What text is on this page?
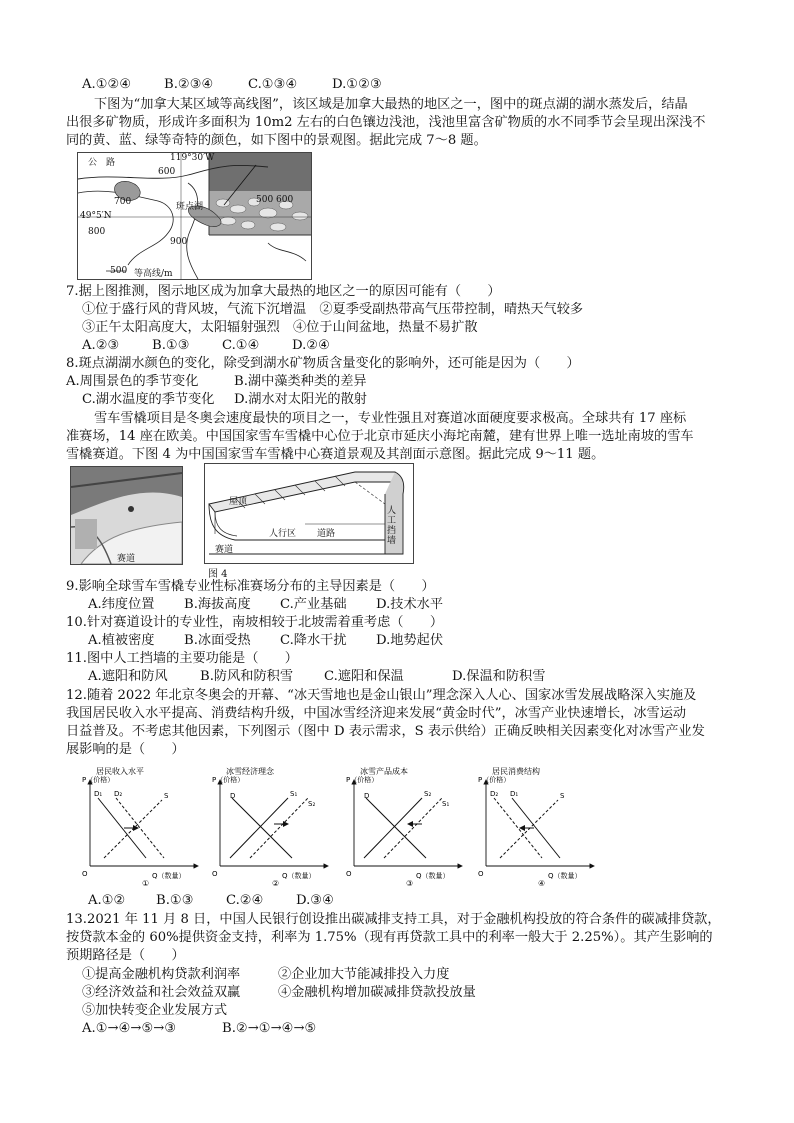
A.①②④ B.②③④	C.①③④	D.①②③
下图为“加拿大某区域等高线图”，该区域是加拿大最热的地区之一，图中的斑点湖的湖水蒸发后，结晶
出很多矿物质，形成许多面积为 10m2 左右的白色镶边浅池，浅池里富含矿物质的水不同季节会呈现出深浅不
同的黄、蓝、绿等奇特的颜色，如下图中的景观图。据此完成 7～8 题。
公　路	119°30′W
600
49°5′N
700	斑点湖
800
900
500 600
500 等高线/m
7.据上图推测，图示地区成为加拿大最热的地区之一的原因可能有（　　）
①位于盛行风的背风坡，气流下沉增温　②夏季受副热带高气压带控制，晴热天气较多
③正午太阳高度大，太阳辐射强烈　④位于山间盆地，热量不易扩散
A.②③ B.①③ C.①④ D.②④
8.斑点湖湖水颜色的变化，除受到湖水矿物质含量变化的影响外，还可能是因为（　　）
A.周围景色的季节变化	B.湖中藻类种类的差异
C.湖水温度的季节变化 D.湖水对太阳光的散射
雪车雪橇项目是冬奥会速度最快的项目之一，专业性强且对赛道冰面硬度要求极高。全球共有 17 座标
准赛场，14 座在欧美。中国国家雪车雪橇中心位于北京市延庆小海坨南麓，建有世界上唯一选址南坡的雪车
雪橇赛道。下图 4 为中国国家雪车雪橇中心赛道景观及其剖面示意图。据此完成 9～11 题。
赛道
屋顶
人工挡墙
人行区 道路
赛道
图 4
9.影响全球雪车雪橇专业性标准赛场分布的主导因素是（　　）
A.纬度位置 B.海拔高度 C.产业基础 D.技术水平
10.针对赛道设计的专业性，南坡相较于北坡需着重考虑（　　）
A.植被密度 B.冰面受热 C.降水干扰 D.地势起伏
11.图中人工挡墙的主要功能是（　　）
A.遮阳和防风 B.防风和防积雪 C.遮阳和保温	D.保温和防积雪
12.随着 2022 年北京冬奥会的开幕、“冰天雪地也是金山银山”理念深入人心、国家冰雪发展战略深入实施及
我国居民收入水平提高、消费结构升级，中国冰雪经济迎来发展“黄金时代”，冰雪产业快速增长，冰雪运动
日益普及。不考虑其他因素，下列图示（图中 D 表示需求，S 表示供给）正确反映相关因素变化对冰雪产业发
展影响的是（　　）
居民收入水平
P（价格）
Q（数量）
O
D₁ D₂	S
①
冰雪经济理念
P（价格）
Q（数量）
O
D	S₁
S₂
②
冰雪产品成本
P（价格）
Q（数量）
O
D	S₂
S₁
③
居民消费结构
P（价格）
Q（数量）
O
D₂ D₁	S
④
A.①② B.①③ C.②④ D.③④
13.2021 年 11 月 8 日，中国人民银行创设推出碳减排支持工具，对于金融机构投放的符合条件的碳减排贷款，
按贷款本金的 60%提供资金支持，利率为 1.75%（现有再贷款工具中的利率一般大于 2.25%）。其产生影响的
预期路径是（　　）
①提高金融机构贷款利润率	②企业加大节能减排投入力度
③经济效益和社会效益双赢	④金融机构增加碳减排贷款投放量
⑤加快转变企业发展方式
A.①→④→⑤→③	B.②→①→④→⑤
